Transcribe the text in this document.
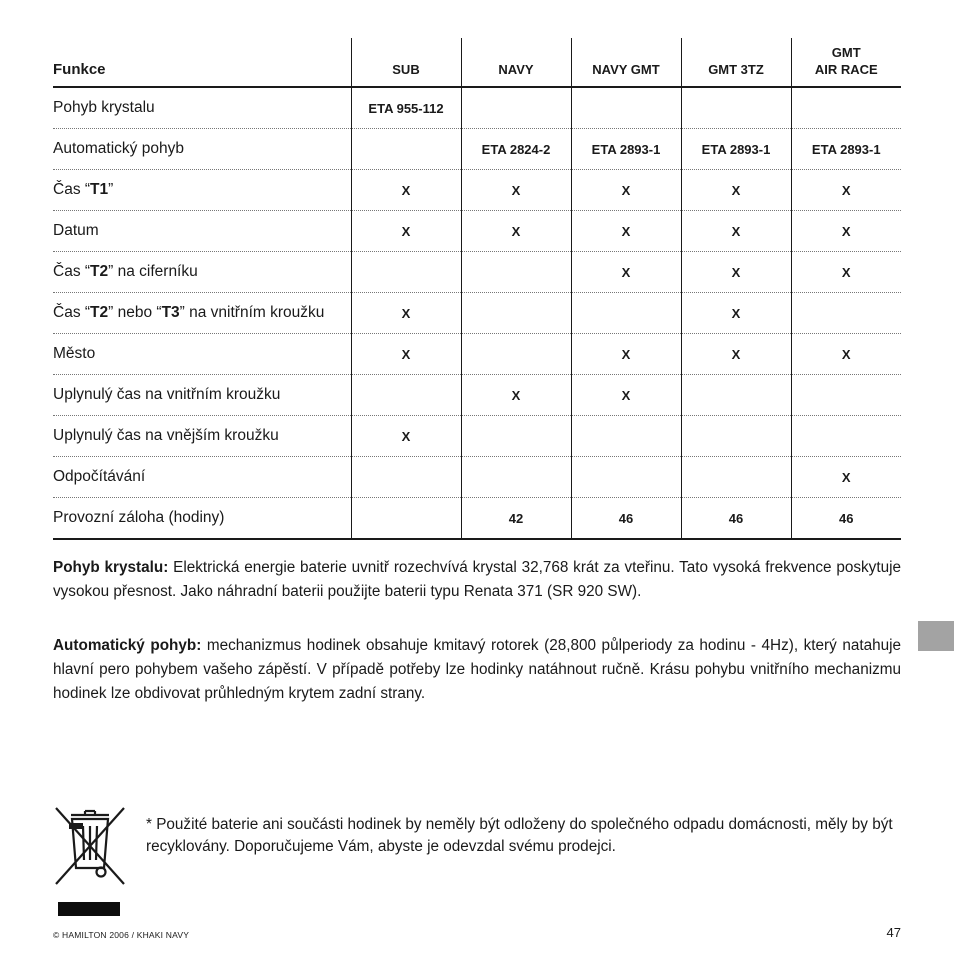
Funkce	SUB	NAVY	NAVY GMT	GMT 3TZ	GMT
AIR RACE
Pohyb krystalu	ETA 955-112				
Automatický pohyb		ETA 2824-2	ETA 2893-1	ETA 2893-1	ETA 2893-1
Čas “T1”	X	X	X	X	X
Datum	X	X	X	X	X
Čas “T2” na ciferníku			X	X	X
Čas “T2” nebo “T3” na vnitřním kroužku	X			X	
Město	X		X	X	X
Uplynulý čas na vnitřním kroužku		X	X		
Uplynulý čas na vnějším kroužku	X				
Odpočítávání					X
Provozní záloha (hodiny)		42	46	46	46

Pohyb krystalu: Elektrická energie baterie uvnitř rozechvívá krystal 32,768 krát za vteřinu. Tato vysoká frekvence poskytuje vysokou přesnost. Jako náhradní baterii použijte baterii typu Renata 371 (SR 920 SW).

Automatický pohyb: mechanizmus hodinek obsahuje kmitavý rotorek (28,800 půlperiody za hodinu - 4Hz), který natahuje hlavní pero pohybem vašeho zápěstí. V případě potřeby lze hodinky natáhnout ručně. Krásu pohybu vnitřního mechanizmu hodinek lze obdivovat průhledným krytem zadní strany.

* Použité baterie ani součásti hodinek by neměly být odloženy do společného odpadu domácnosti, měly by být recyklovány. Doporučujeme Vám, abyste je odevzdal svému prodejci.

© HAMILTON 2006 / KHAKI NAVY	47
